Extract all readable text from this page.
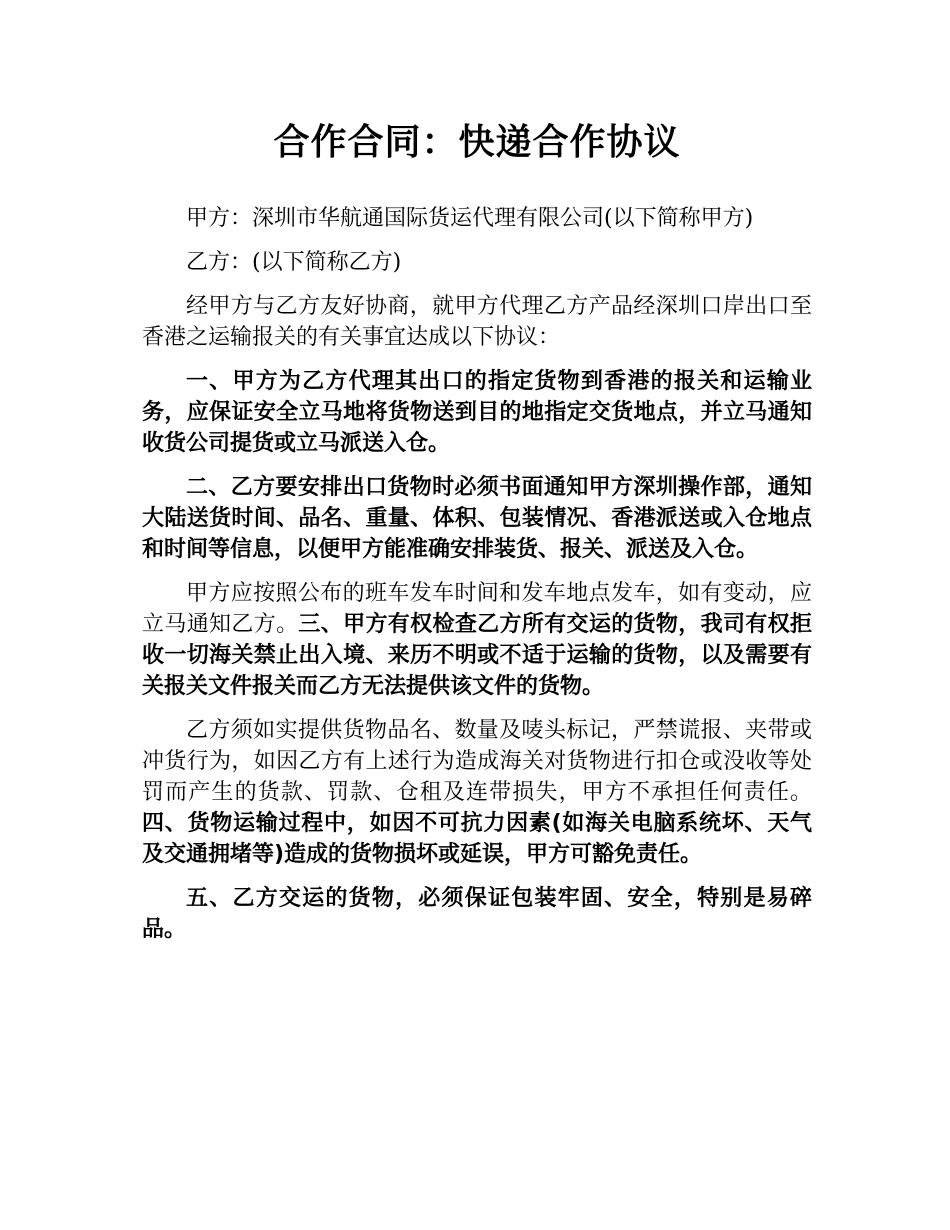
合作合同：快递合作协议

甲方：深圳市华航通国际货运代理有限公司(以下简称甲方)

乙方：(以下简称乙方)

经甲方与乙方友好协商，就甲方代理乙方产品经深圳口岸出口至香港之运输报关的有关事宜达成以下协议：

一、甲方为乙方代理其出口的指定货物到香港的报关和运输业务，应保证安全立马地将货物送到目的地指定交货地点，并立马通知收货公司提货或立马派送入仓。

二、乙方要安排出口货物时必须书面通知甲方深圳操作部，通知大陆送货时间、品名、重量、体积、包装情况、香港派送或入仓地点和时间等信息，以便甲方能准确安排装货、报关、派送及入仓。

甲方应按照公布的班车发车时间和发车地点发车，如有变动，应立马通知乙方。三、甲方有权检查乙方所有交运的货物，我司有权拒收一切海关禁止出入境、来历不明或不适于运输的货物，以及需要有关报关文件报关而乙方无法提供该文件的货物。

乙方须如实提供货物品名、数量及唛头标记，严禁谎报、夹带或冲货行为，如因乙方有上述行为造成海关对货物进行扣仓或没收等处罚而产生的货款、罚款、仓租及连带损失，甲方不承担任何责任。四、货物运输过程中，如因不可抗力因素(如海关电脑系统坏、天气及交通拥堵等)造成的货物损坏或延误，甲方可豁免责任。

五、乙方交运的货物，必须保证包装牢固、安全，特别是易碎品。
